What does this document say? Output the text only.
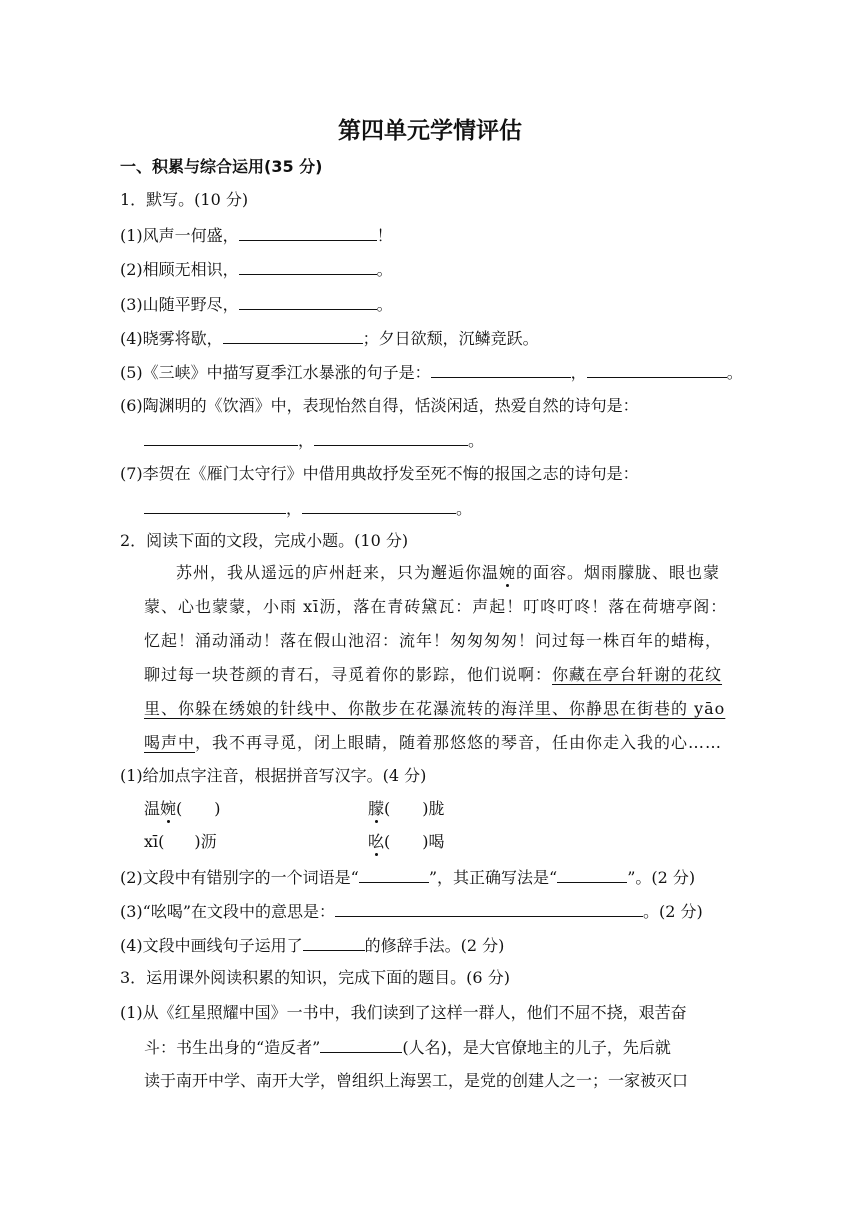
第四单元学情评估
一、积累与综合运用(35 分)
1．默写。(10 分)
(1)风声一何盛，	！
(2)相顾无相识，	。
(3)山随平野尽，	。
(4)晓雾将歇，	；夕日欲颓，沉鳞竞跃。
(5)《三峡》中描写夏季江水暴涨的句子是：	，	。
(6)陶渊明的《饮酒》中，表现怡然自得，恬淡闲适，热爱自然的诗句是：
，	。
(7)李贺在《雁门太守行》中借用典故抒发至死不悔的报国之志的诗句是：
，	。
2．阅读下面的文段，完成小题。(10 分)
苏州，我从遥远的庐州赶来，只为邂逅你温婉的面容。烟雨朦胧、眼也蒙
蒙、心也蒙蒙，小雨 xī沥，落在青砖黛瓦：声起！叮咚叮咚！落在荷塘亭阁：
忆起！涌动涌动！落在假山池沼：流年！匆匆匆匆！问过每一株百年的蜡梅，
聊过每一块苍颜的青石，寻觅着你的影踪，他们说啊：你藏在亭台轩谢的花纹
里、你躲在绣娘的针线中、你散步在花瀑流转的海洋里、你静思在街巷的 yāo
喝声中，我不再寻觅，闭上眼睛，随着那悠悠的琴音，任由你走入我的心……
(1)给加点字注音，根据拼音写汉字。(4 分)
温婉(　　)	朦(　　)胧
xī( )沥	吆(　　)喝
(2)文段中有错别字的一个词语是“	”，其正确写法是“	”。(2 分)
(3)“吆喝”在文段中的意思是：	。(2 分)
(4)文段中画线句子运用了	的修辞手法。(2 分)
3．运用课外阅读积累的知识，完成下面的题目。(6 分)
(1)从《红星照耀中国》一书中，我们读到了这样一群人，他们不屈不挠，艰苦奋
斗：书生出身的“造反者”	(人名)，是大官僚地主的儿子，先后就
读于南开中学、南开大学，曾组织上海罢工，是党的创建人之一；一家被灭口
